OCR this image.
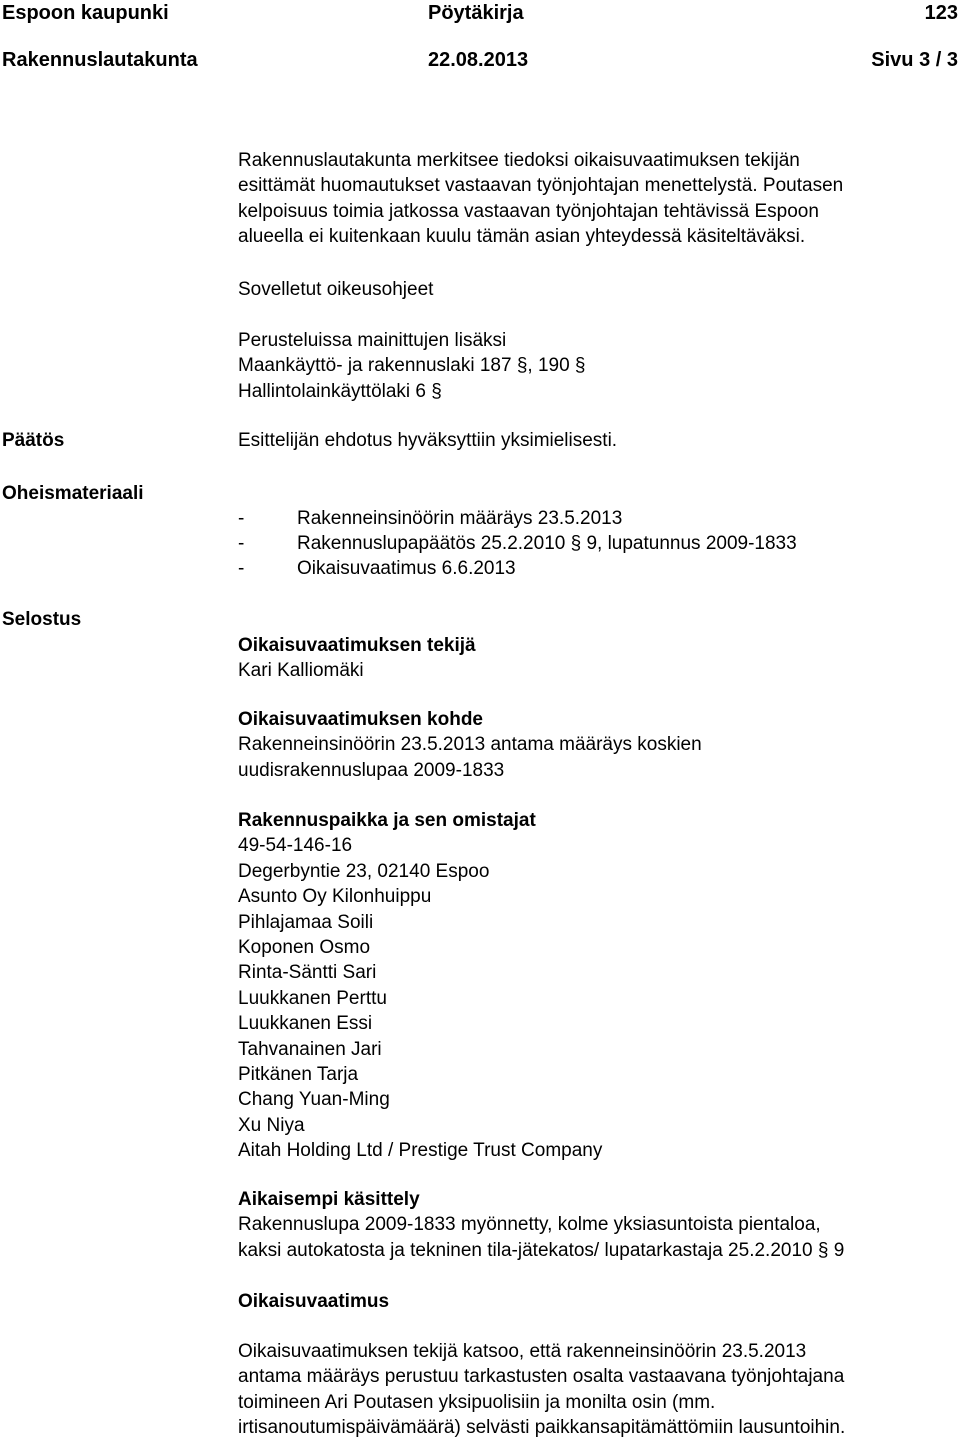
Espoon kaupunki	Pöytäkirja	123
Rakennuslautakunta	22.08.2013	Sivu 3 / 3
Rakennuslautakunta merkitsee tiedoksi oikaisuvaatimuksen tekijän
esittämät huomautukset vastaavan työnjohtajan menettelystä. Poutasen
kelpoisuus toimia jatkossa vastaavan työnjohtajan tehtävissä Espoon
alueella ei kuitenkaan kuulu tämän asian yhteydessä käsiteltäväksi.
Sovelletut oikeusohjeet
Perusteluissa mainittujen lisäksi
Maankäyttö- ja rakennuslaki 187 §, 190 §
Hallintolainkäyttölaki 6 §
Päätös	Esittelijän ehdotus hyväksyttiin yksimielisesti.
Oheismateriaali
-	Rakenneinsinöörin määräys 23.5.2013
-	Rakennuslupapäätös 25.2.2010 § 9, lupatunnus 2009-1833
-	Oikaisuvaatimus 6.6.2013
Selostus
Oikaisuvaatimuksen tekijä
Kari Kalliomäki
Oikaisuvaatimuksen kohde
Rakenneinsinöörin 23.5.2013 antama määräys koskien
uudisrakennuslupaa 2009-1833
Rakennuspaikka ja sen omistajat
49-54-146-16
Degerbyntie 23, 02140 Espoo
Asunto Oy Kilonhuippu
Pihlajamaa Soili
Koponen Osmo
Rinta-Säntti Sari
Luukkanen Perttu
Luukkanen Essi
Tahvanainen Jari
Pitkänen Tarja
Chang Yuan-Ming
Xu Niya
Aitah Holding Ltd / Prestige Trust Company
Aikaisempi käsittely
Rakennuslupa 2009-1833 myönnetty, kolme yksiasuntoista pientaloa,
kaksi autokatosta ja tekninen tila-jätekatos/ lupatarkastaja 25.2.2010 § 9
Oikaisuvaatimus
Oikaisuvaatimuksen tekijä katsoo, että rakenneinsinöörin 23.5.2013
antama määräys perustuu tarkastusten osalta vastaavana työnjohtajana
toimineen Ari Poutasen yksipuolisiin ja monilta osin (mm.
irtisanoutumispäivämäärä) selvästi paikkansapitämättömiin lausuntoihin.
